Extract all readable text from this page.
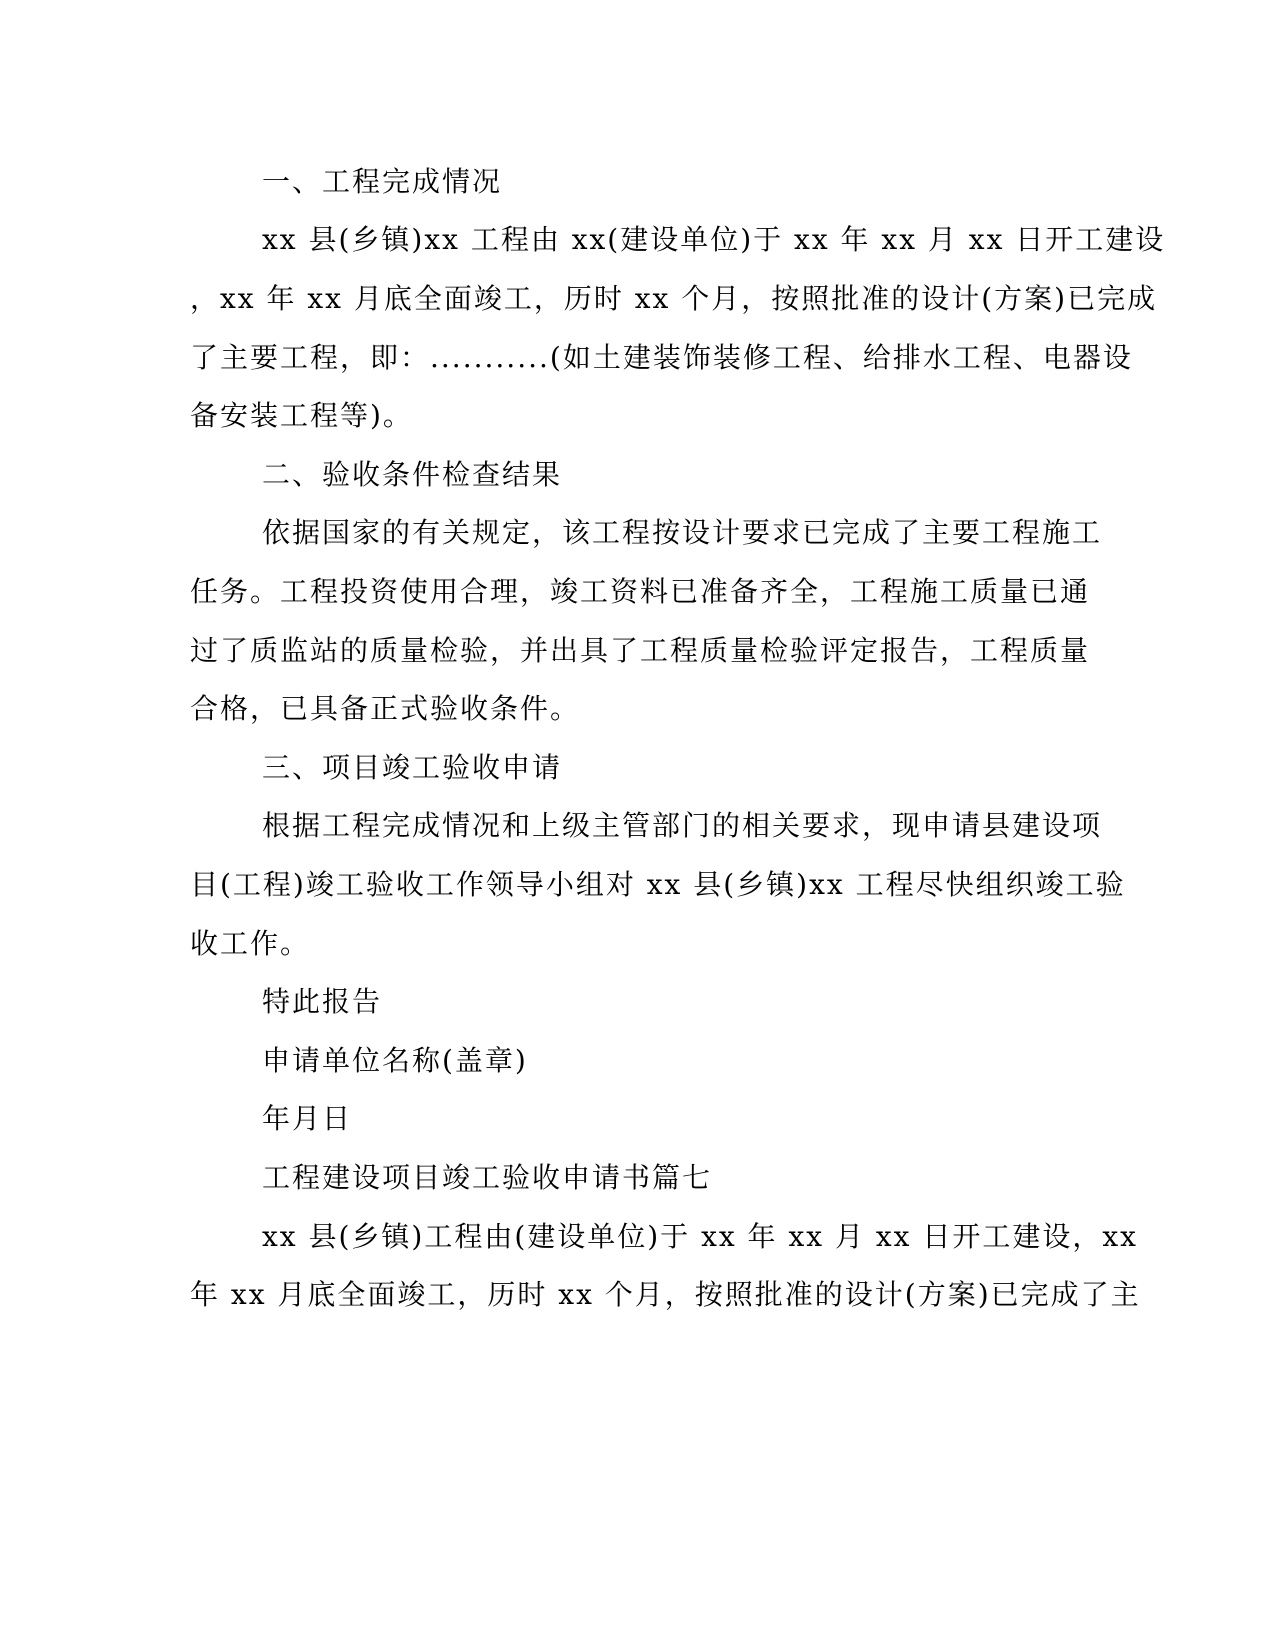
一、工程完成情况
xx 县(乡镇)xx 工程由 xx(建设单位)于 xx 年 xx 月 xx 日开工建设
，xx 年 xx 月底全面竣工，历时 xx 个月，按照批准的设计(方案)已完成
了主要工程，即：...........(如土建装饰装修工程、给排水工程、电器设
备安装工程等)。
二、验收条件检查结果
依据国家的有关规定，该工程按设计要求已完成了主要工程施工
任务。工程投资使用合理，竣工资料已准备齐全，工程施工质量已通
过了质监站的质量检验，并出具了工程质量检验评定报告，工程质量
合格，已具备正式验收条件。
三、项目竣工验收申请
根据工程完成情况和上级主管部门的相关要求，现申请县建设项
目(工程)竣工验收工作领导小组对 xx 县(乡镇)xx 工程尽快组织竣工验
收工作。
特此报告
申请单位名称(盖章)
年月日
工程建设项目竣工验收申请书篇七
xx 县(乡镇)工程由(建设单位)于 xx 年 xx 月 xx 日开工建设，xx
年 xx 月底全面竣工，历时 xx 个月，按照批准的设计(方案)已完成了主
